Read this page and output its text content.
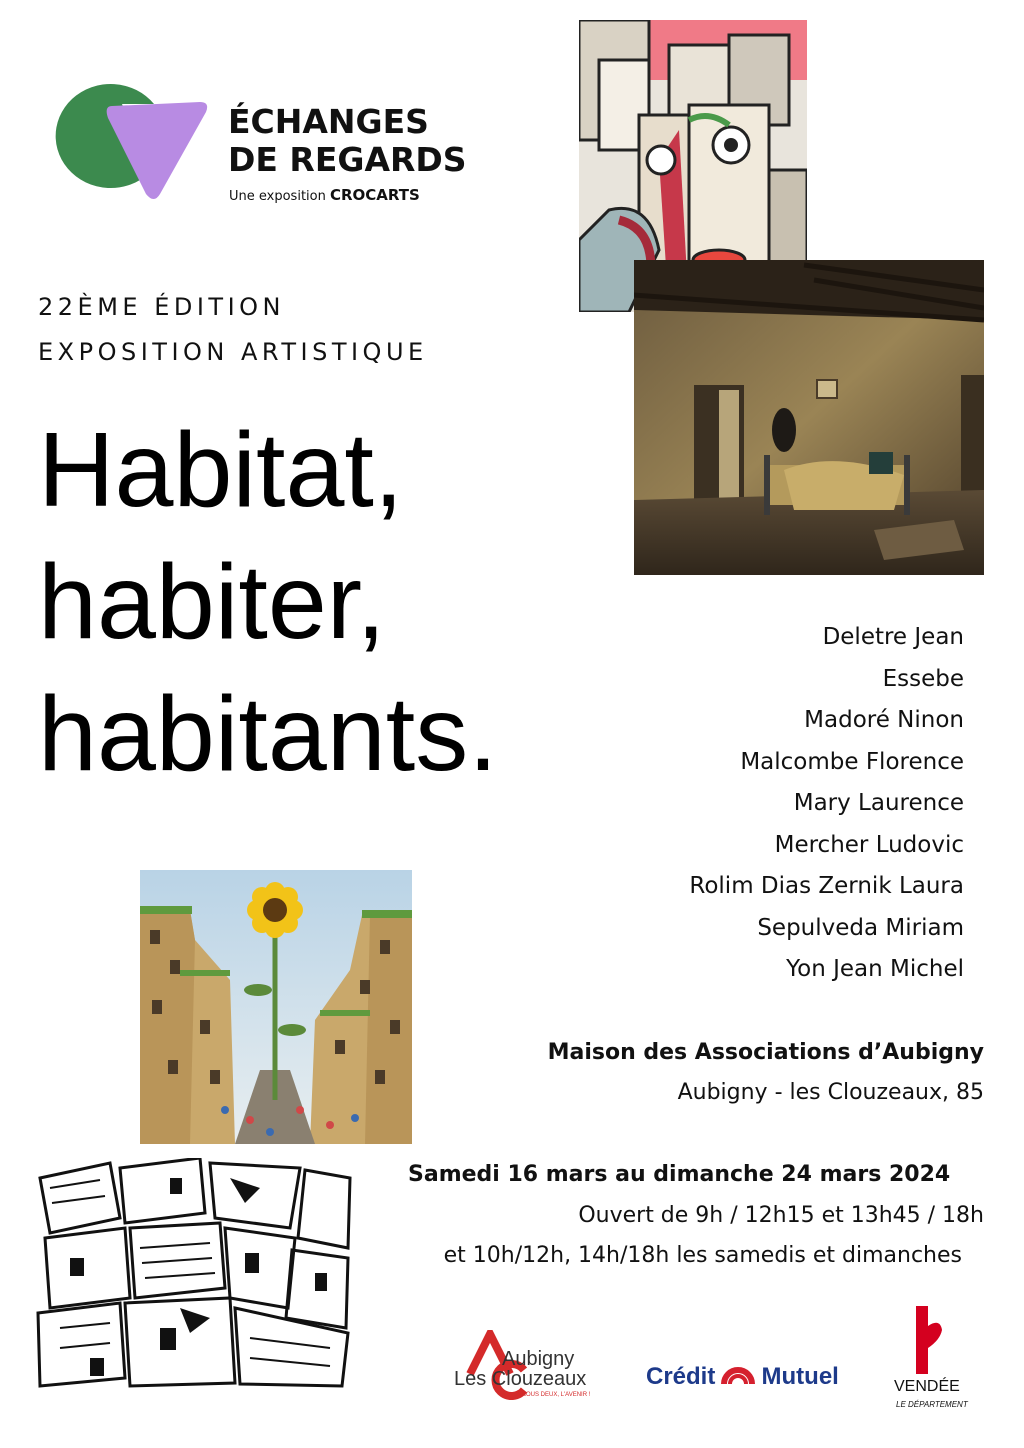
ÉCHANGES
DE REGARDS
Une exposition CROCARTS
22ÈME ÉDITION
EXPOSITION ARTISTIQUE
Habitat,
habiter,
habitants.
Deletre Jean
Essebe
Madoré Ninon
Malcombe Florence
Mary Laurence
Mercher Ludovic
Rolim Dias Zernik Laura
Sepulveda Miriam
Yon Jean Michel
Maison des Associations d’Aubigny
Aubigny - les Clouzeaux, 85
Samedi 16 mars au dimanche 24 mars 2024
Ouvert de 9h / 12h15 et 13h45 / 18h
et 10h/12h, 14h/18h les samedis et dimanches
Aubigny
Les Clouzeaux
À NOUS DEUX, L'AVENIR !
Crédit Mutuel	VENDÉE
LE DÉPARTEMENT
